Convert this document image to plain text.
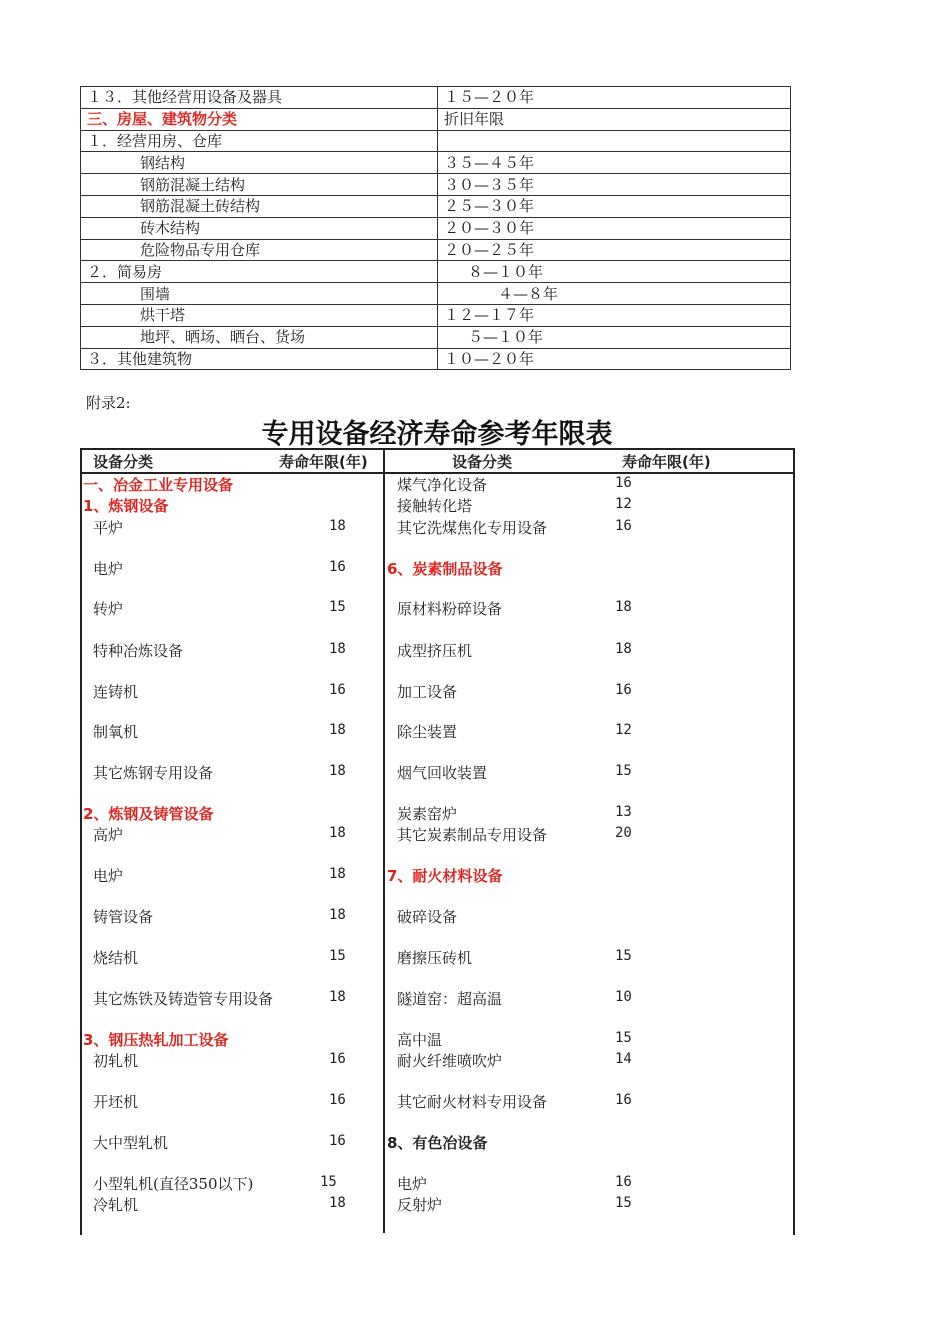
１３．其他经营用设备及器具	１５—２０年
三、房屋、建筑物分类	折旧年限
１．经营用房、仓库	
钢结构	３５—４５年
钢筋混凝土结构	３０—３５年
钢筋混凝土砖结构	２５—３０年
砖木结构	２０—３０年
危险物品专用仓库	２０—２５年
２．简易房	８—１０年
围墙	４—８年
烘干塔	１２—１７年
地坪、晒场、晒台、货场	５—１０年
３．其他建筑物	１０—２０年
附录2:
专用设备经济寿命参考年限表
设备分类	寿命年限(年)	设备分类	寿命年限(年)
一、冶金工业专用设备
1、炼钢设备
平炉	18
电炉	16
转炉	15
特种冶炼设备	18
连铸机	16
制氧机	18
其它炼钢专用设备	18
2、炼钢及铸管设备
高炉	18
电炉	18
铸管设备	18
烧结机	15
其它炼铁及铸造管专用设备	18
3、钢压热轧加工设备
初轧机	16
开坯机	16
大中型轧机	16
小型轧机(直径350以下)	15
冷轧机	18
煤气净化设备	16
接触转化塔	12
其它洗煤焦化专用设备	16
6、炭素制品设备
原材料粉碎设备	18
成型挤压机	18
加工设备	16
除尘装置	12
烟气回收装置	15
炭素窑炉	13
其它炭素制品专用设备	20
7、耐火材料设备
破碎设备
磨擦压砖机	15
隧道窑：超高温	10
高中温	15
耐火纤维喷吹炉	14
其它耐火材料专用设备	16
8、有色冶设备
电炉	16
反射炉	15
